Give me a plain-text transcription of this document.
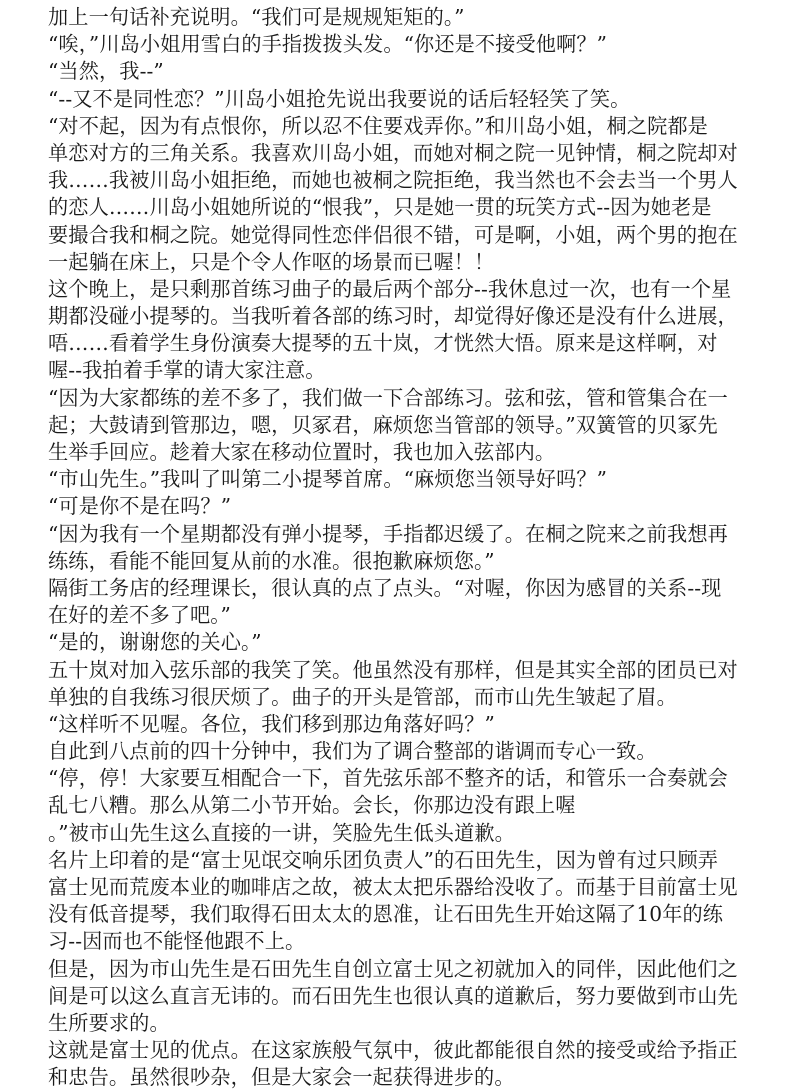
加上一句话补充说明。“我们可是规规矩矩的。”
“唉，”川岛小姐用雪白的手指拨拨头发。“你还是不接受他啊？”
“当然，我--”
“--又不是同性恋？”川岛小姐抢先说出我要说的话后轻轻笑了笑。
“对不起，因为有点恨你，所以忍不住要戏弄你。”和川岛小姐，桐之院都是
单恋对方的三角关系。我喜欢川岛小姐，而她对桐之院一见钟情，桐之院却对
我……我被川岛小姐拒绝，而她也被桐之院拒绝，我当然也不会去当一个男人
的恋人……川岛小姐她所说的“恨我”，只是她一贯的玩笑方式--因为她老是
要撮合我和桐之院。她觉得同性恋伴侣很不错，可是啊，小姐，两个男的抱在
一起躺在床上，只是个令人作呕的场景而已喔！！
这个晚上，是只剩那首练习曲子的最后两个部分--我休息过一次，也有一个星
期都没碰小提琴的。当我听着各部的练习时，却觉得好像还是没有什么进展，
唔……看着学生身份演奏大提琴的五十岚，才恍然大悟。原来是这样啊，对
喔--我拍着手掌的请大家注意。
“因为大家都练的差不多了，我们做一下合部练习。弦和弦，管和管集合在一
起；大鼓请到管那边，嗯，贝冢君，麻烦您当管部的领导。”双簧管的贝冢先
生举手回应。趁着大家在移动位置时，我也加入弦部内。
“市山先生。”我叫了叫第二小提琴首席。“麻烦您当领导好吗？”
“可是你不是在吗？”
“因为我有一个星期都没有弹小提琴，手指都迟缓了。在桐之院来之前我想再
练练，看能不能回复从前的水准。很抱歉麻烦您。”
隔街工务店的经理课长，很认真的点了点头。“对喔，你因为感冒的关系--现
在好的差不多了吧。”
“是的，谢谢您的关心。”
五十岚对加入弦乐部的我笑了笑。他虽然没有那样，但是其实全部的团员已对
单独的自我练习很厌烦了。曲子的开头是管部，而市山先生皱起了眉。
“这样听不见喔。各位，我们移到那边角落好吗？”
自此到八点前的四十分钟中，我们为了调合整部的谐调而专心一致。
“停，停！大家要互相配合一下，首先弦乐部不整齐的话，和管乐一合奏就会
乱七八糟。那么从第二小节开始。会长，你那边没有跟上喔
。”被市山先生这么直接的一讲，笑脸先生低头道歉。
名片上印着的是“富士见氓交响乐团负责人”的石田先生，因为曾有过只顾弄
富士见而荒废本业的咖啡店之故，被太太把乐器给没收了。而基于目前富士见
没有低音提琴，我们取得石田太太的恩准，让石田先生开始这隔了10年的练
习--因而也不能怪他跟不上。
但是，因为市山先生是石田先生自创立富士见之初就加入的同伴，因此他们之
间是可以这么直言无讳的。而石田先生也很认真的道歉后，努力要做到市山先
生所要求的。
这就是富士见的优点。在这家族般气氛中，彼此都能很自然的接受或给予指正
和忠告。虽然很吵杂，但是大家会一起获得进步的。
